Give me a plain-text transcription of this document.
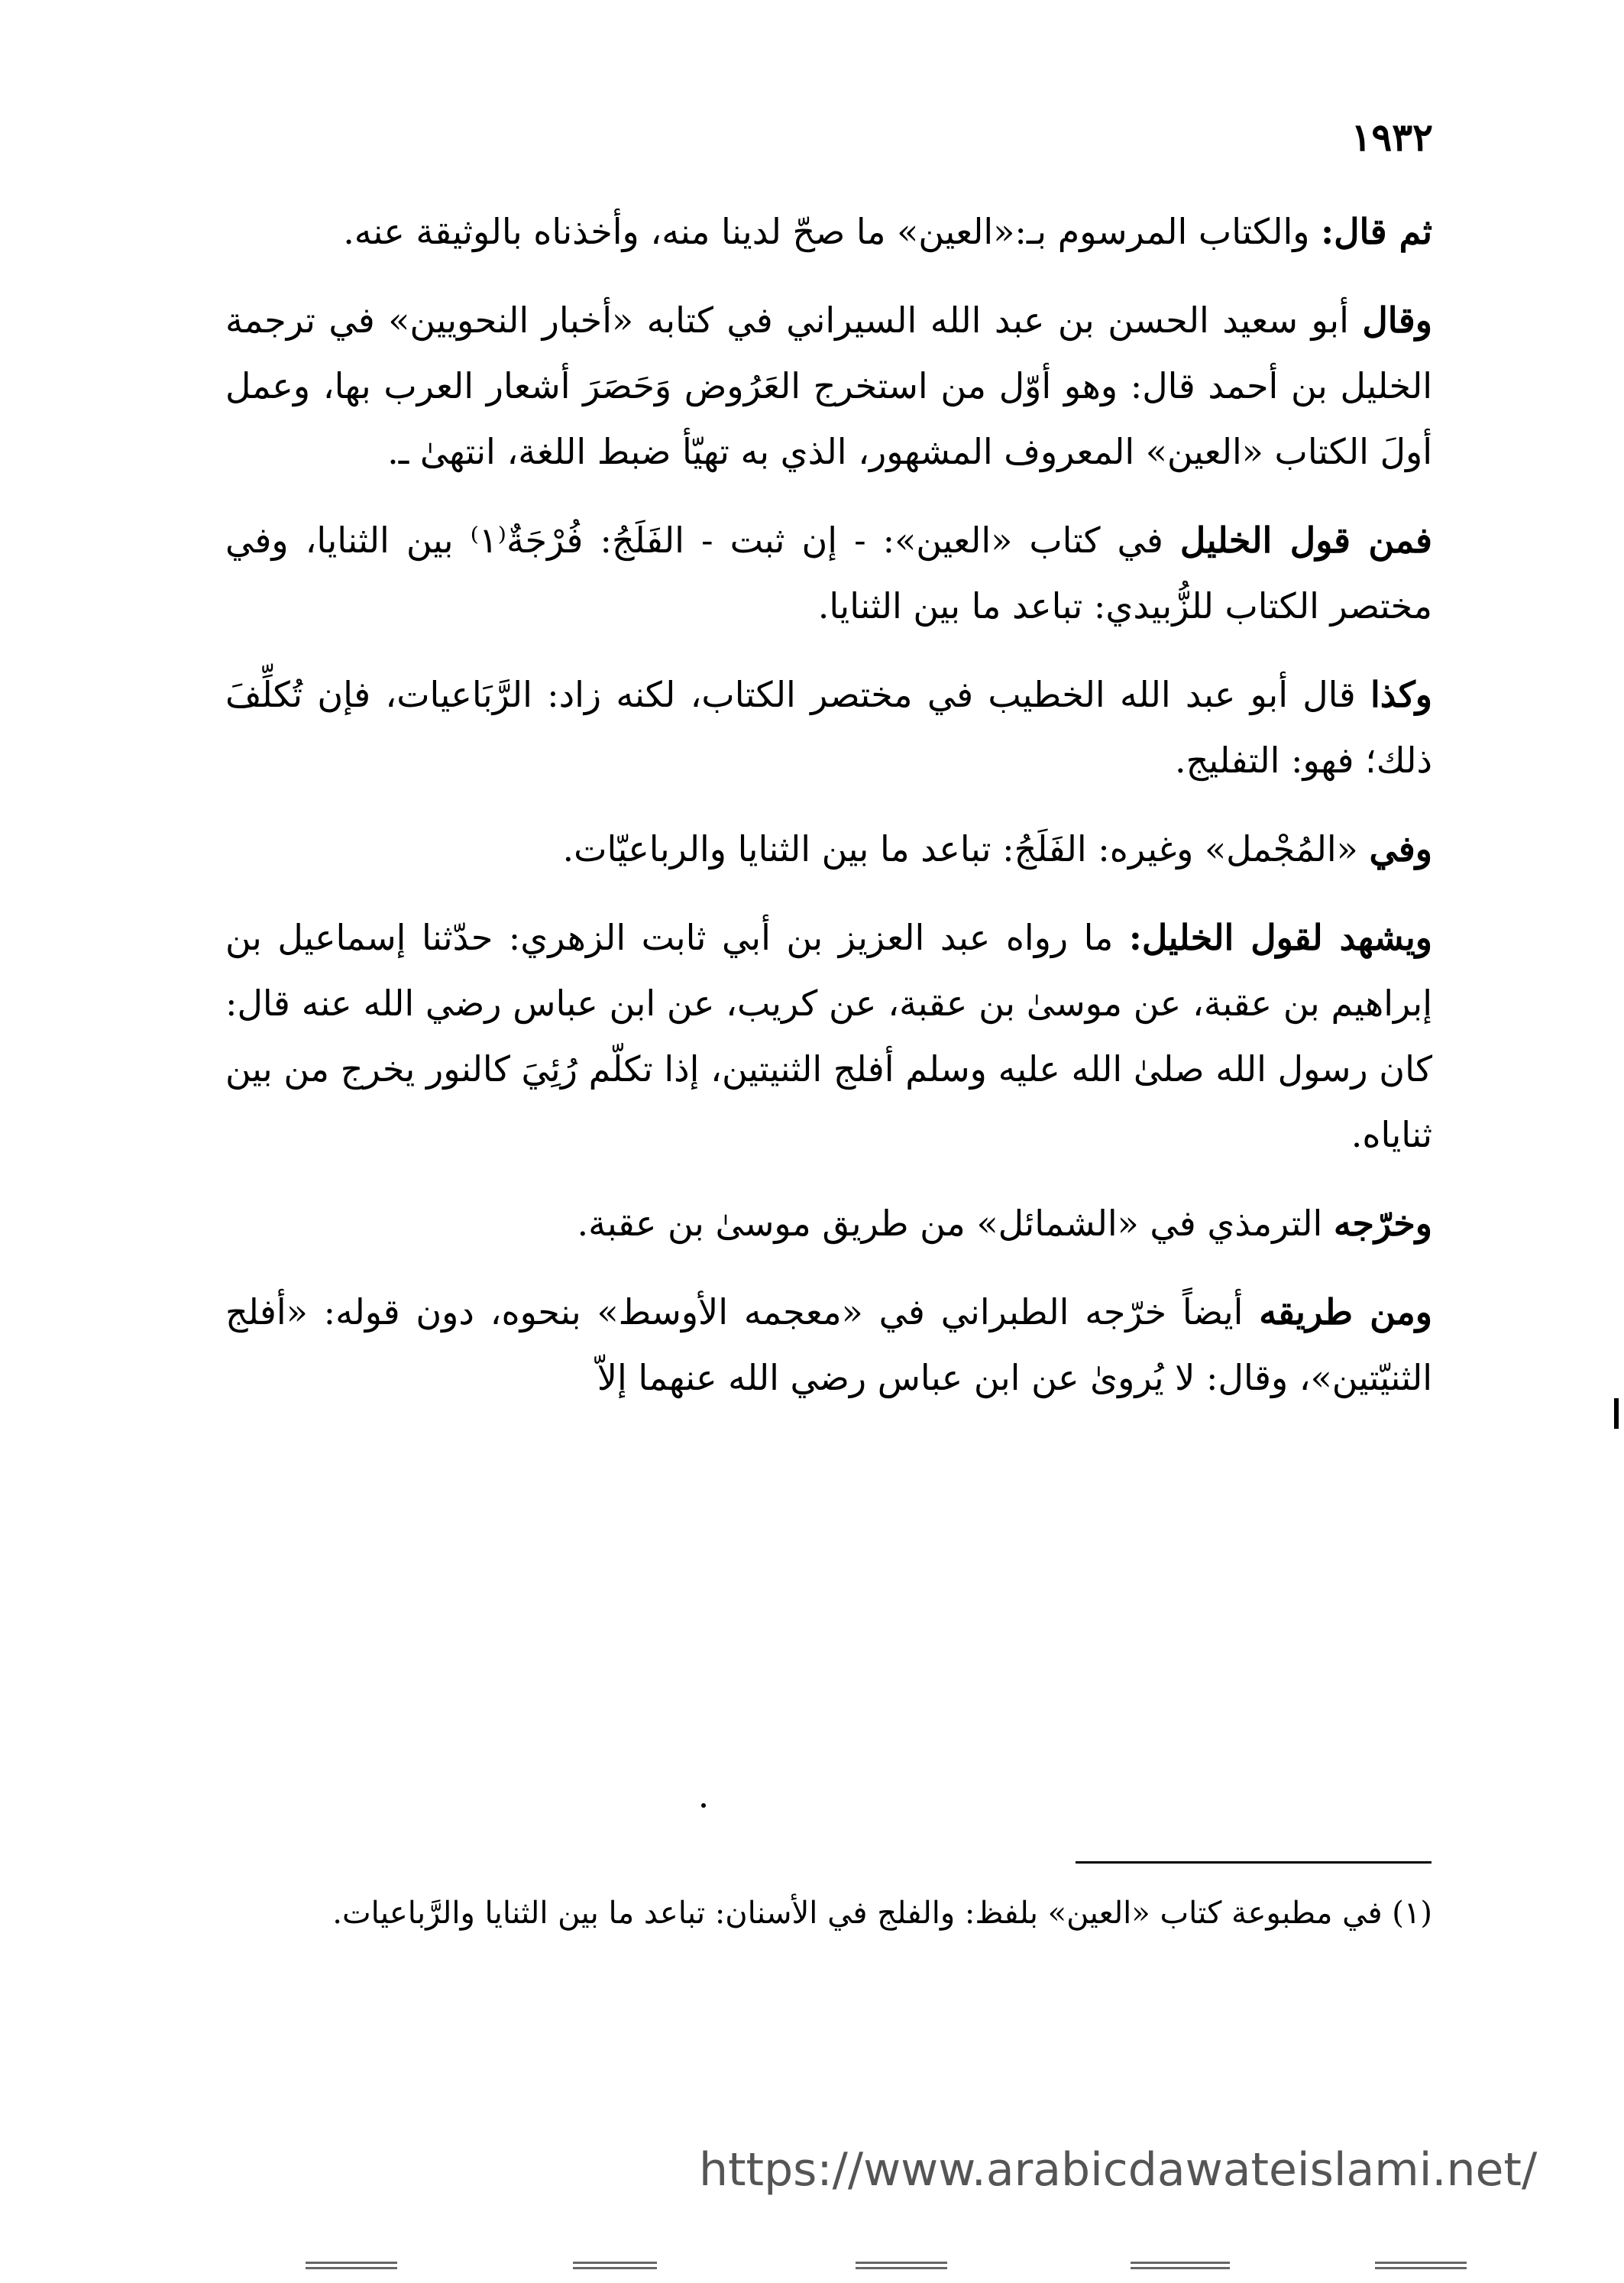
١٩٣٢

ثم قال: والكتاب المرسوم بـ:«العين» ما صحّ لدينا منه، وأخذناه بالوثيقة عنه.

وقال أبو سعيد الحسن بن عبد الله السيراني في كتابه «أخبار النحويين» في ترجمة الخليل بن أحمد قال: وهو أوّل من استخرج العَرُوض وَحَصَرَ أشعار العرب بها، وعمل أولَ الكتاب «العين» المعروف المشهور، الذي به تهيّأ ضبط اللغة، انتهىٰ ـ.

فمن قول الخليل في كتاب «العين»: - إن ثبت - الفَلَجُ: فُرْجَةٌ⁽١⁾ بين الثنايا، وفي مختصر الكتاب للزُّبيدي: تباعد ما بين الثنايا.

وكذا قال أبو عبد الله الخطيب في مختصر الكتاب، لكنه زاد: الرَّبَاعيات، فإن تُكلِّفَ ذلك؛ فهو: التفليج.

وفي «المُجْمل» وغيره: الفَلَجُ: تباعد ما بين الثنايا والرباعيّات.

ويشهد لقول الخليل: ما رواه عبد العزيز بن أبي ثابت الزهري: حدّثنا إسماعيل بن إبراهيم بن عقبة، عن موسىٰ بن عقبة، عن كريب، عن ابن عباس رضي الله عنه قال: كان رسول الله صلىٰ الله عليه وسلم أفلج الثنيتين، إذا تكلّم رُئِيَ كالنور يخرج من بين ثناياه.

وخرّجه الترمذي في «الشمائل» من طريق موسىٰ بن عقبة.

ومن طريقه أيضاً خرّجه الطبراني في «معجمه الأوسط» بنحوه، دون قوله: «أفلج الثنيّتين»، وقال: لا يُروىٰ عن ابن عباس رضي الله عنهما إلاّ

(١) في مطبوعة كتاب «العين» بلفظ: والفلج في الأسنان: تباعد ما بين الثنايا والرَّباعيات.
https://www.arabicdawateislami.net/
